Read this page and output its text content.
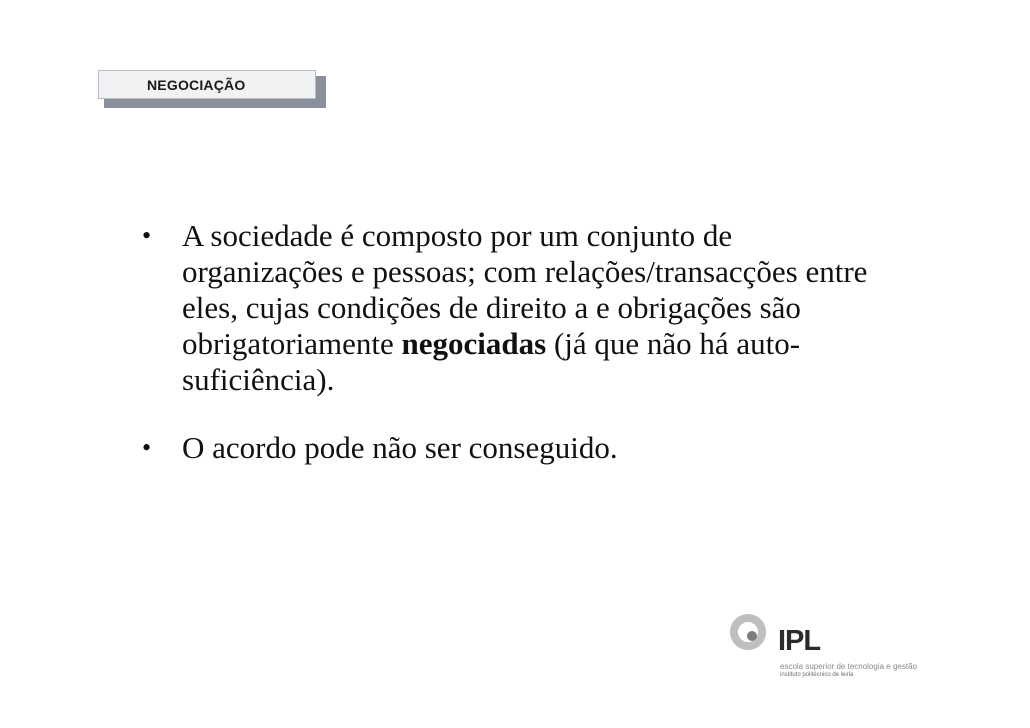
NEGOCIAÇÃO
• A sociedade é composto por um conjunto de organizações e pessoas; com relações/transacções entre eles, cujas condições de direito a e obrigações são obrigatoriamente negociadas (já que não há auto-suficiência).
• O acordo pode não ser conseguido.
IPL
escola superior de tecnologia e gestão
instituto politécnico de leiria
